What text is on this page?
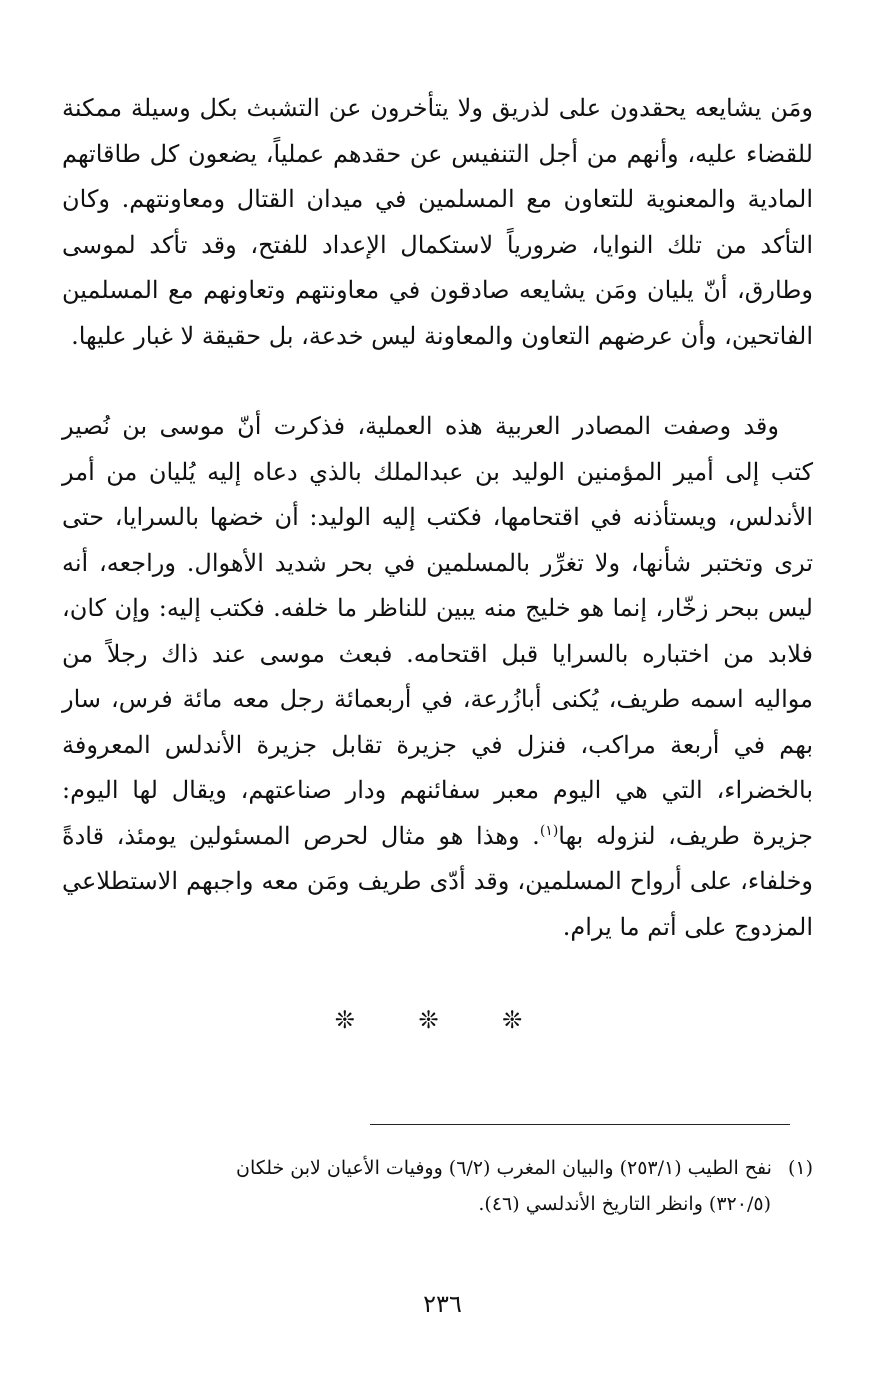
ومَن يشايعه يحقدون على لذريق ولا يتأخرون عن التشبث بكل وسيلة ممكنة للقضاء عليه، وأنهم من أجل التنفيس عن حقدهم عملياً، يضعون كل طاقاتهم المادية والمعنوية للتعاون مع المسلمين في ميدان القتال ومعاونتهم. وكان التأكد من تلك النوايا، ضرورياً لاستكمال الإعداد للفتح، وقد تأكد لموسى وطارق، أنّ يليان ومَن يشايعه صادقون في معاونتهم وتعاونهم مع المسلمين الفاتحين، وأن عرضهم التعاون والمعاونة ليس خدعة، بل حقيقة لا غبار عليها.

وقد وصفت المصادر العربية هذه العملية، فذكرت أنّ موسى بن نُصير كتب إلى أمير المؤمنين الوليد بن عبدالملك بالذي دعاه إليه يُليان من أمر الأندلس، ويستأذنه في اقتحامها، فكتب إليه الوليد: أن خضها بالسرايا، حتى ترى وتختبر شأنها، ولا تغرِّر بالمسلمين في بحر شديد الأهوال. وراجعه، أنه ليس ببحر زخّار، إنما هو خليج منه يبين للناظر ما خلفه. فكتب إليه: وإن كان، فلابد من اختباره بالسرايا قبل اقتحامه. فبعث موسى عند ذاك رجلاً من مواليه اسمه طريف، يُكنى أبازُرعة، في أربعمائة رجل معه مائة فرس، سار بهم في أربعة مراكب، فنزل في جزيرة تقابل جزيرة الأندلس المعروفة بالخضراء، التي هي اليوم معبر سفائنهم ودار صناعتهم، ويقال لها اليوم: جزيرة طريف، لنزوله بها$^{(١)}$. وهذا هو مثال لحرص المسئولين يومئذ، قادةً وخلفاء، على أرواح المسلمين، وقد أدّى طريف ومَن معه واجبهم الاستطلاعي المزدوج على أتم ما يرام.

❊ ❊ ❊

(١)نفح الطيب (٢٥٣/١) والبيان المغرب (٦/٢) ووفيات الأعيان لابن خلكان
(٣٢٠/٥) وانظر التاريخ الأندلسي (٤٦).

٢٣٦
